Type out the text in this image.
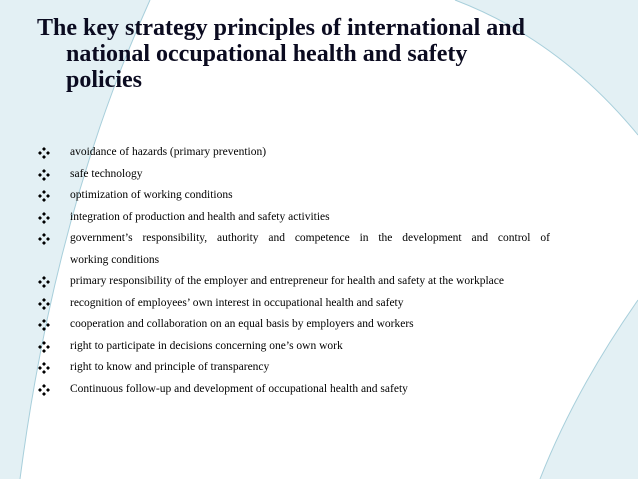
The key strategy principles of international and
national occupational health and safety
policies
avoidance of hazards (primary prevention)
safe technology
optimization of working conditions
integration of production and health and safety activities
government’s responsibility, authority and competence in the development and control of
working conditions
primary responsibility of the employer and entrepreneur for health and safety at the workplace
recognition of employees’ own interest in occupational health and safety
cooperation and collaboration on an equal basis by employers and workers
right to participate in decisions concerning one’s own work
right to know and principle of transparency
Continuous follow-up and development of occupational health and safety
